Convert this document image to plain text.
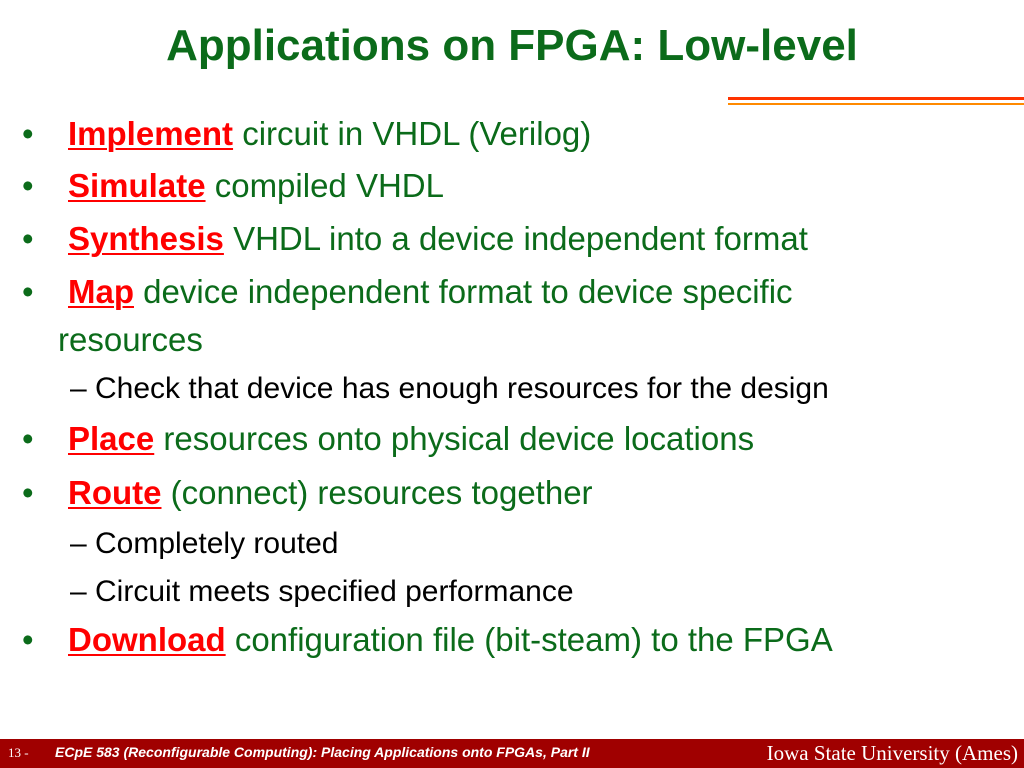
Applications on FPGA: Low-level
• Implement circuit in VHDL (Verilog)
• Simulate compiled VHDL
• Synthesis VHDL into a device independent format
• Map device independent format to device specific
resources
• Place resources onto physical device locations
• Route (connect) resources together
• Download configuration file (bit-steam) to the FPGA
– Check that device has enough resources for the design
– Completely routed
– Circuit meets specified performance
13 - ECpE 583 (Reconfigurable Computing): Placing Applications onto FPGAs, Part II	Iowa State University (Ames)
